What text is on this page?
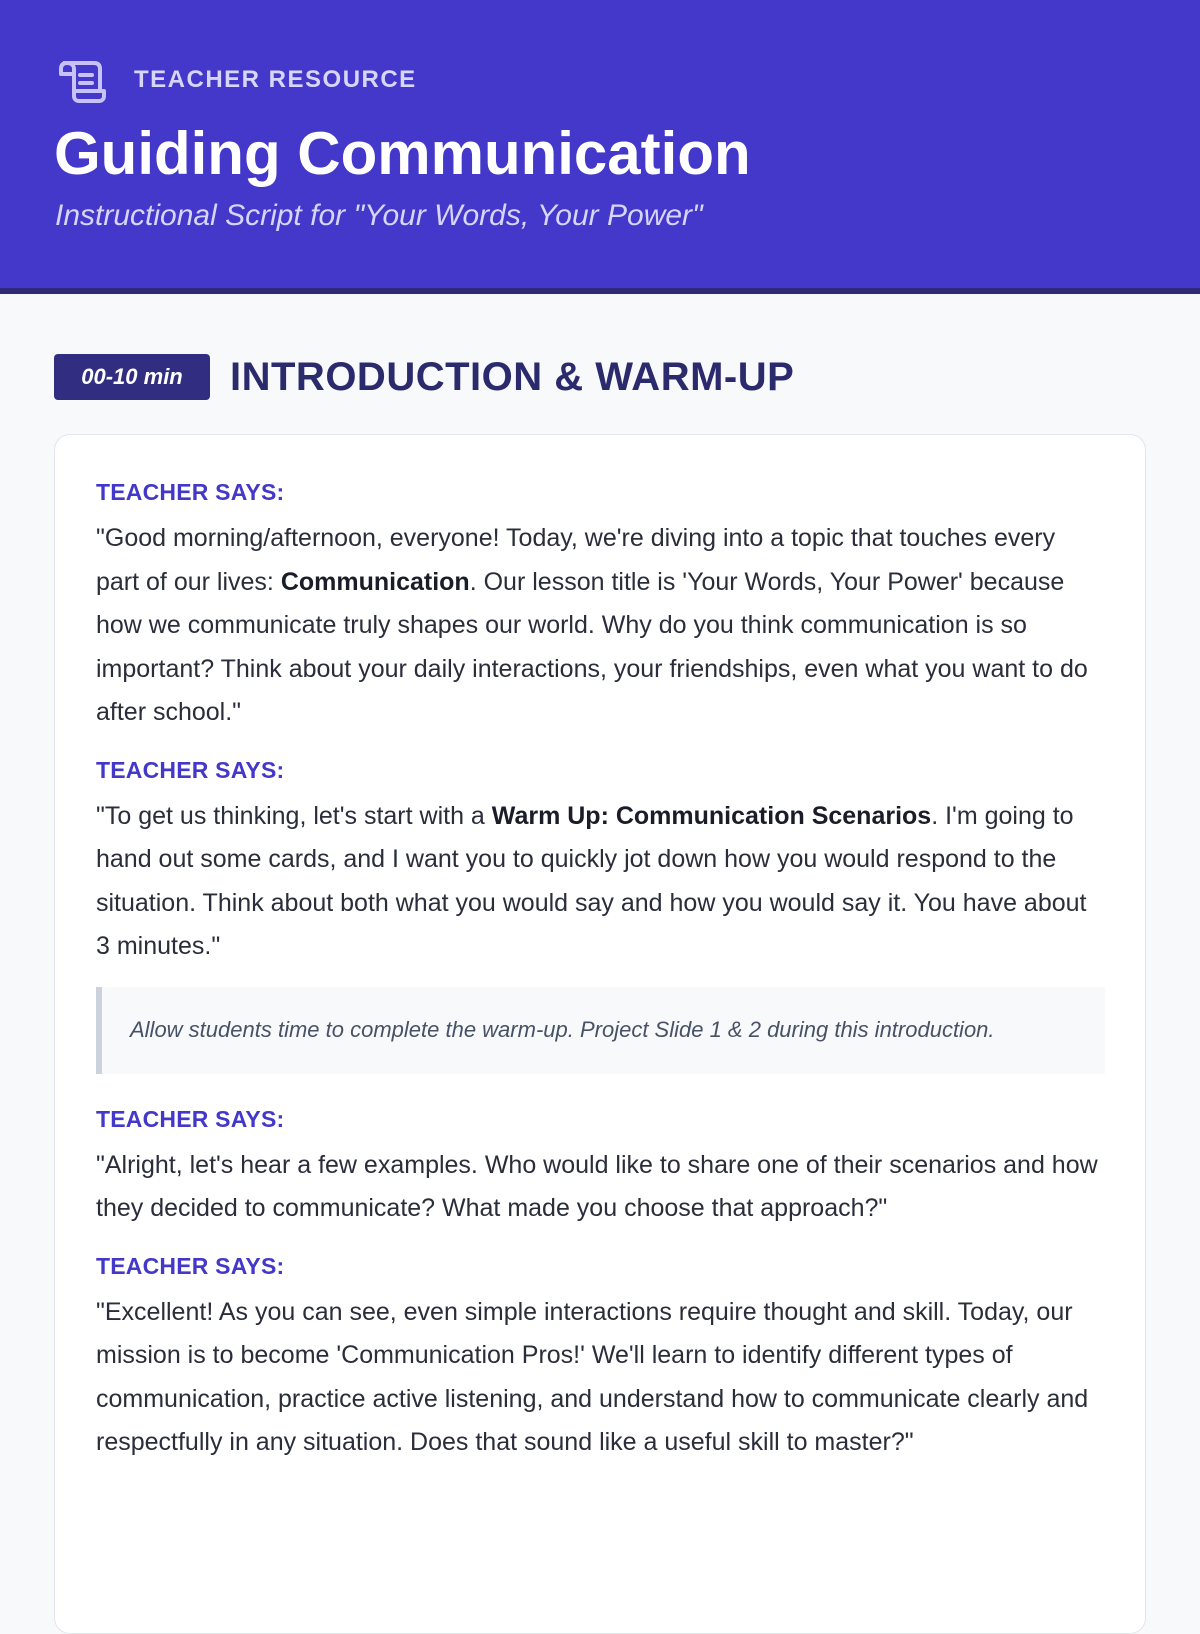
TEACHER RESOURCE
Guiding Communication

Instructional Script for "Your Words, Your Power"

00-10 min	INTRODUCTION & WARM-UP
TEACHER SAYS:

"Good morning/afternoon, everyone! Today, we're diving into a topic that touches every part of our lives: Communication. Our lesson title is 'Your Words, Your Power' because how we communicate truly shapes our world. Why do you think communication is so important? Think about your daily interactions, your friendships, even what you want to do after school."

TEACHER SAYS:

"To get us thinking, let's start with a Warm Up: Communication Scenarios. I'm going to hand out some cards, and I want you to quickly jot down how you would respond to the situation. Think about both what you would say and how you would say it. You have about 3 minutes."

Allow students time to complete the warm-up. Project Slide 1 & 2 during this introduction.
TEACHER SAYS:

"Alright, let's hear a few examples. Who would like to share one of their scenarios and how they decided to communicate? What made you choose that approach?"

TEACHER SAYS:

"Excellent! As you can see, even simple interactions require thought and skill. Today, our mission is to become 'Communication Pros!' We'll learn to identify different types of communication, practice active listening, and understand how to communicate clearly and respectfully in any situation. Does that sound like a useful skill to master?"
